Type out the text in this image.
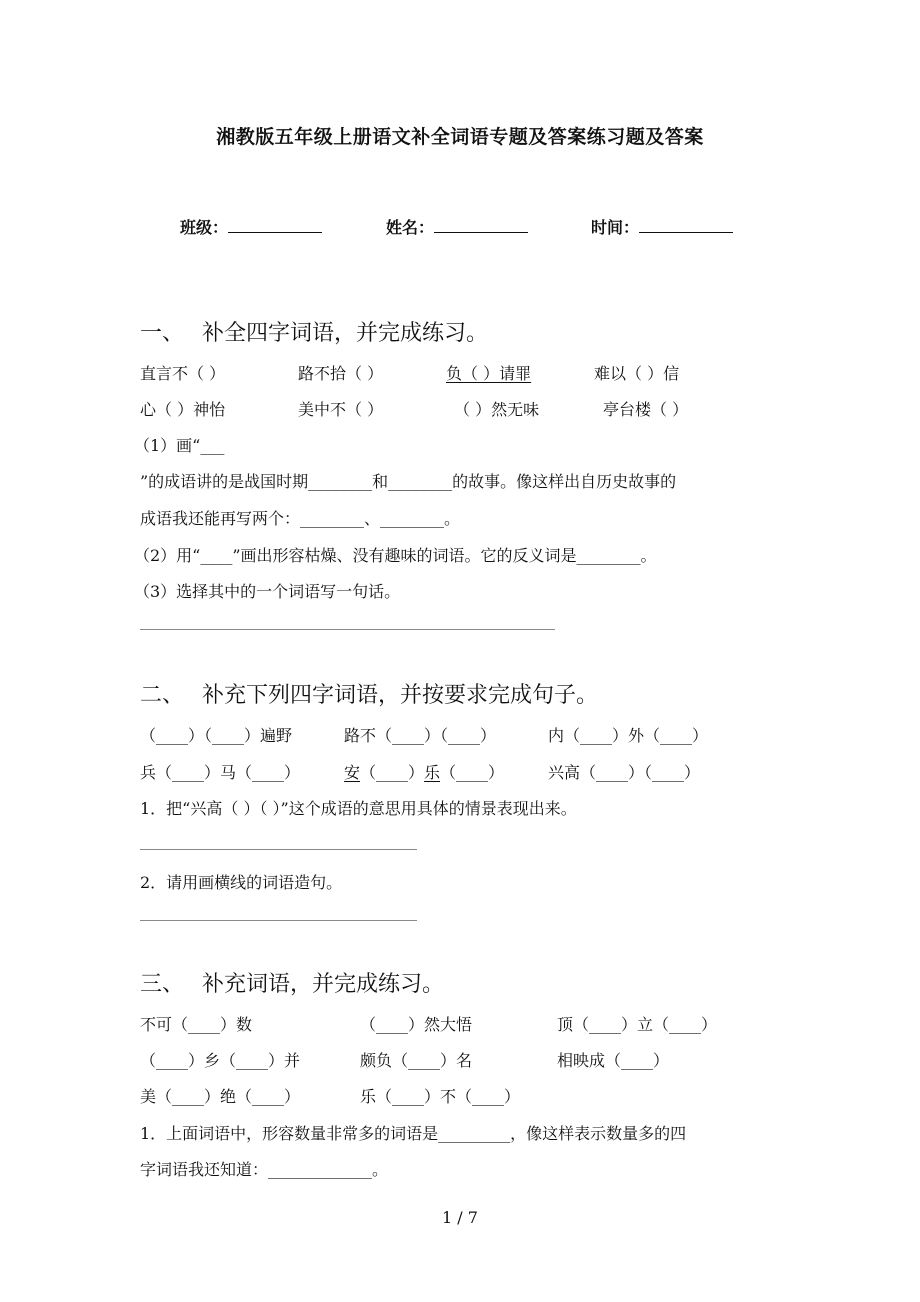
湘教版五年级上册语文补全词语专题及答案练习题及答案
班级：	姓名：	时间：
一、 补全四字词语，并完成练习。
直言不（ ）	路不拾（ ）	负（ ）请罪	难以（ ）信
心（ ）神怡	美中不（ ）	（ ）然无味	亭台楼（ ）
（1）画“___
”的成语讲的是战国时期________和________的故事。像这样出自历史故事的
成语我还能再写两个：________、________。
（2）用“____”画出形容枯燥、没有趣味的词语。它的反义词是________。
（3）选择其中的一个词语写一句话。
二、 补充下列四字词语，并按要求完成句子。
（____）（____）遍野	路不（____）（____）	内（____）外（____）
兵（____）马（____）	安（____）乐（____）	兴高（____）（____）
1．把“兴高（ ）（ ）”这个成语的意思用具体的情景表现出来。
2．请用画横线的词语造句。
三、 补充词语，并完成练习。
不可（____）数	（____）然大悟	顶（____）立（____）
（____）乡（____）并	颇负（____）名	相映成（____）
美（____）绝（____）	乐（____）不（____）
1．上面词语中，形容数量非常多的词语是_________，像这样表示数量多的四
字词语我还知道：_____________。
1 / 7
